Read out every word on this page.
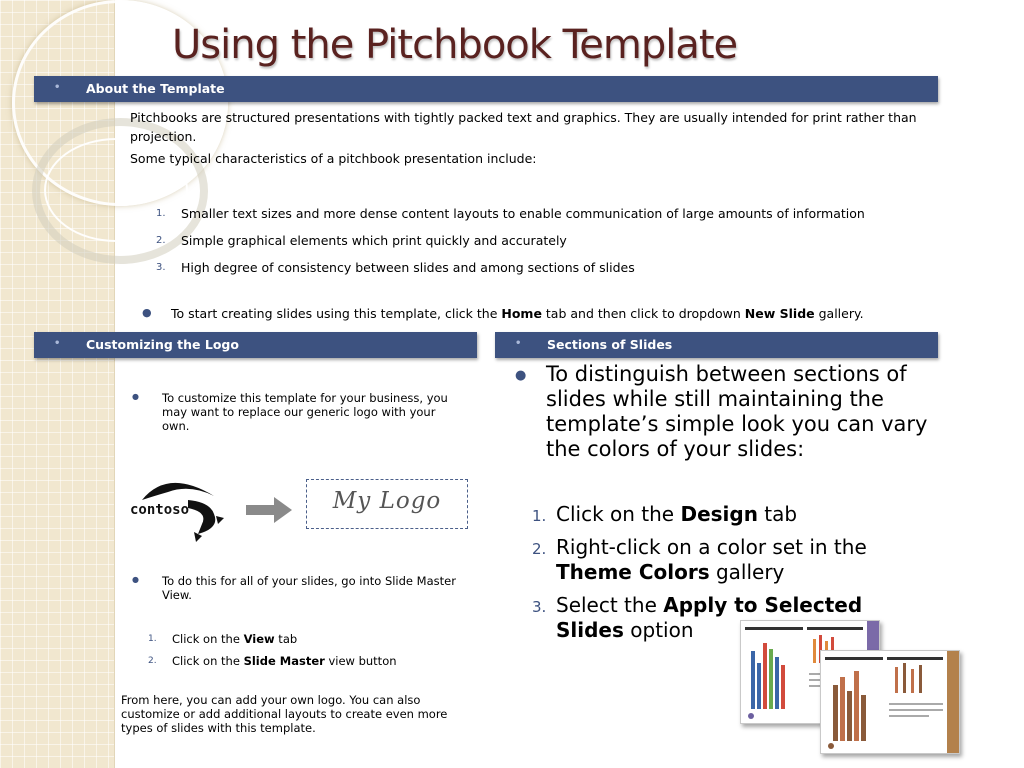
Using the Pitchbook Template
• About the Template

Pitchbooks are structured presentations with tightly packed text and graphics. They are usually intended for print rather than projection.

Some typical characteristics of a pitchbook presentation include:

1. Smaller text sizes and more dense content layouts to enable communication of large amounts of information

2. Simple graphical elements which print quickly and accurately

3. High degree of consistency between slides and among sections of slides

● To start creating slides using this template, click the Home tab and then click to dropdown New Slide gallery.

• Customizing the Logo
● To customize this template for your business, you may want to replace our generic logo with your own.

contoso	My Logo
● To do this for all of your slides, go into Slide Master View.

1. Click on the View tab

2. Click on the Slide Master view button

From here, you can add your own logo. You can also customize or add additional layouts to create even more types of slides with this template.

• Sections of Slides
● To distinguish between sections of slides while still maintaining the template’s simple look you can vary the colors of your slides:

1. Click on the Design tab

2. Right-click on a color set in the Theme Colors gallery

3. Select the Apply to Selected Slides option
